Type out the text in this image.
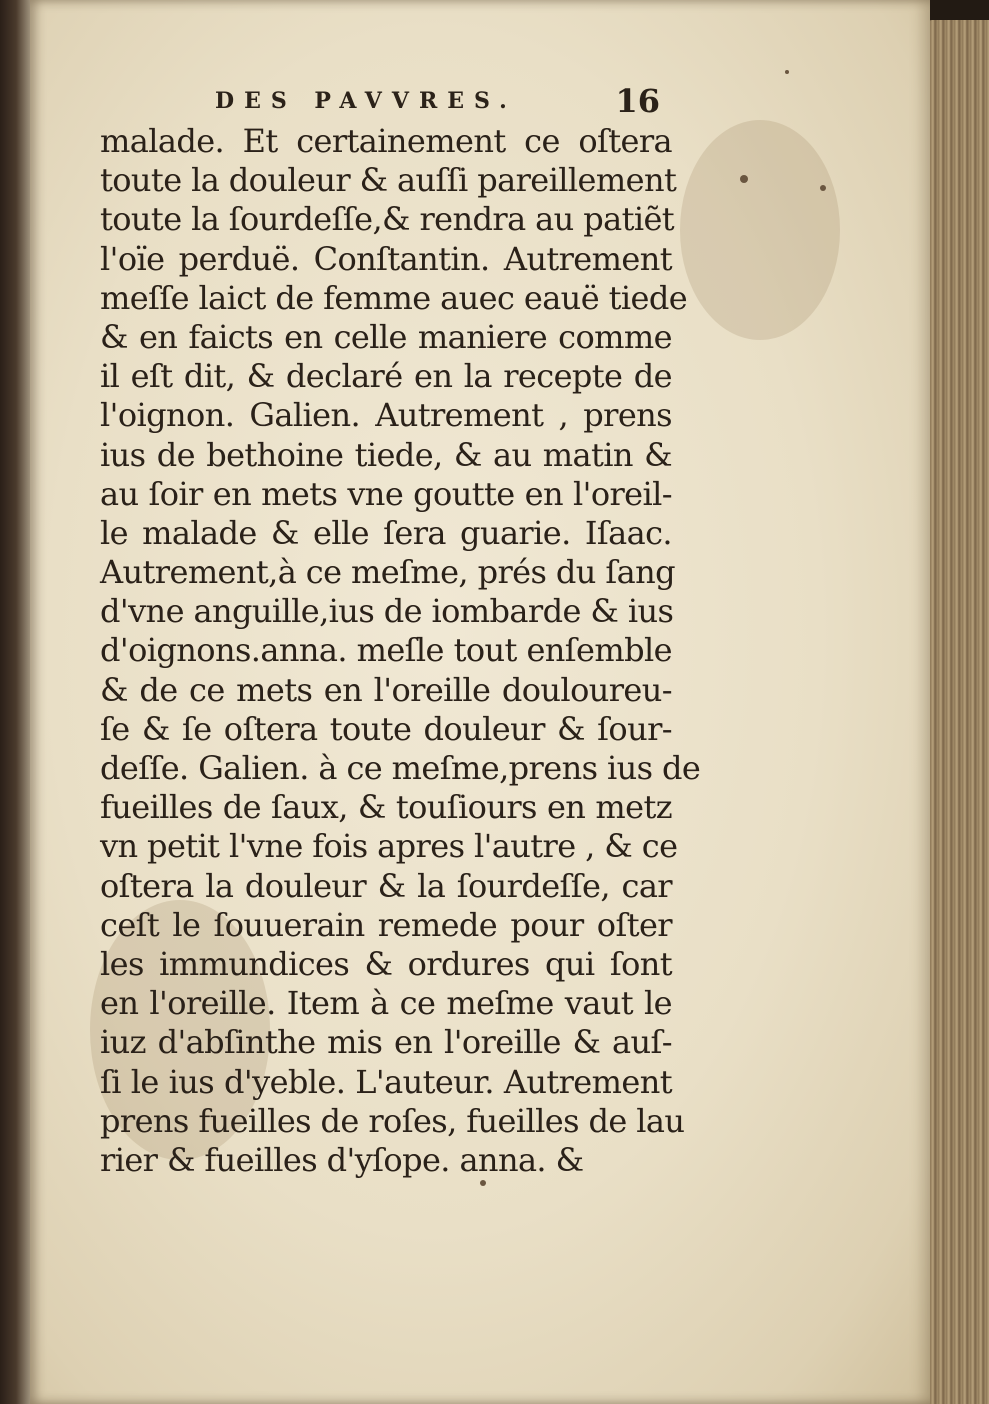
DES PAVVRES.	16
malade. Et certainement ce oſtera
toute la douleur & auſſi pareillement
toute la ſourdeſſe,& rendra au patiẽt
l'oïe perduë. Conſtantin. Autrement
meſſe laict de femme auec eauë tiede
& en faicts en celle maniere comme
il eſt dit, & declaré en la recepte de
l'oignon. Galien. Autrement , prens
ius de bethoine tiede, & au matin &
au ſoir en mets vne goutte en l'oreil-
le malade & elle ſera guarie. Iſaac.
Autrement,à ce meſme, prés du ſang
d'vne anguille,ius de iombarde & ius
d'oignons.anna. meſle tout enſemble
& de ce mets en l'oreille douloureu-
ſe & ſe oſtera toute douleur & ſour-
deſſe. Galien. à ce meſme,prens ius de
fueilles de ſaux, & touſiours en metz
vn petit l'vne fois apres l'autre , & ce
oſtera la douleur & la ſourdeſſe, car
ceſt le ſouuerain remede pour oſter
les immundices & ordures qui ſont
en l'oreille. Item à ce meſme vaut le
iuz d'abſinthe mis en l'oreille & auſ-
ſi le ius d'yeble. L'auteur. Autrement
prens fueilles de roſes, fueilles de lau
rier & fueilles d'yſope. anna. &
